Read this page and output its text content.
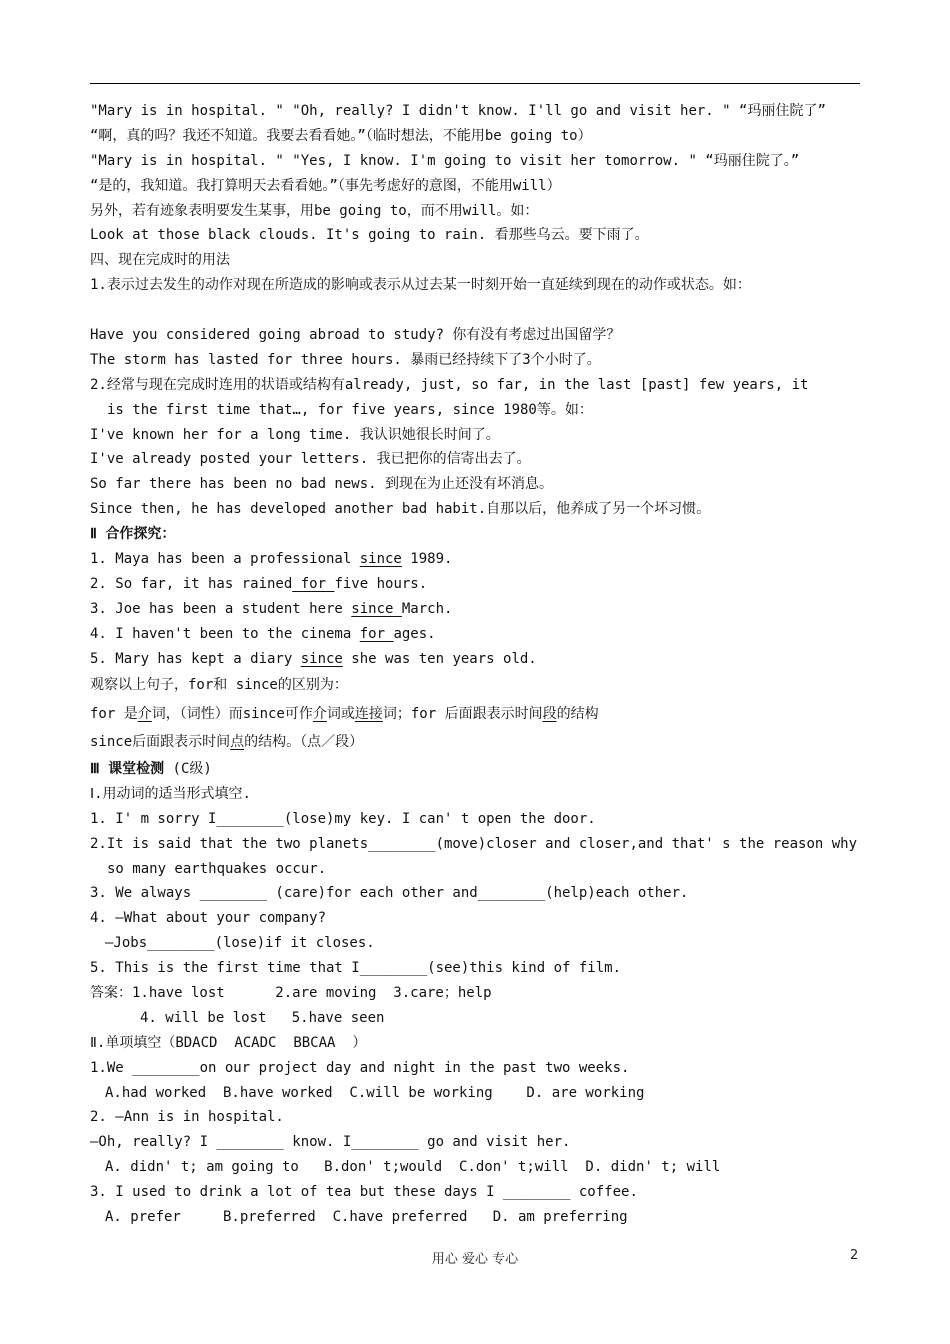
"Mary is in hospital. " "Oh, really? I didn't know. I'll go and visit her. " “玛丽住院了”
“啊，真的吗？我还不知道。我要去看看她。”（临时想法，不能用be going to）
"Mary is in hospital. " "Yes, I know. I'm going to visit her tomorrow. " “玛丽住院了。”
“是的，我知道。我打算明天去看看她。”（事先考虑好的意图，不能用will）
另外，若有迹象表明要发生某事，用be going to，而不用will。如：
Look at those black clouds. It's going to rain. 看那些乌云。要下雨了。
四、现在完成时的用法
1.表示过去发生的动作对现在所造成的影响或表示从过去某一时刻开始一直延续到现在的动作或状态。如：
Have you considered going abroad to study? 你有没有考虑过出国留学？
The storm has lasted for three hours. 暴雨已经持续下了3个小时了。
2.经常与现在完成时连用的状语或结构有already, just, so far, in the last [past] few years, it
is the first time that…, for five years, since 1980等。如：
I've known her for a long time. 我认识她很长时间了。
I've already posted your letters. 我已把你的信寄出去了。
So far there has been no bad news. 到现在为止还没有坏消息。
Since then, he has developed another bad habit.自那以后，他养成了另一个坏习惯。
Ⅱ 合作探究：
1. Maya has been a professional since 1989.
2. So far, it has rained for five hours.
3. Joe has been a student here since March.
4. I haven't been to the cinema for ages.
5. Mary has kept a diary since she was ten years old.
观察以上句子，for和 since的区别为：
for 是介词，（词性）而since可作介词或连接词；for 后面跟表示时间段的结构
since后面跟表示时间点的结构。（点／段）
Ⅲ 课堂检测 (C级)
Ⅰ.用动词的适当形式填空.
1. I' m sorry I________(lose)my key. I can' t open the door.
2.It is said that the two planets________(move)closer and closer,and that' s the reason why
so many earthquakes occur.
3. We always ________ (care)for each other and________(help)each other.
4. —What about your company?
—Jobs________(lose)if it closes.
5. This is the first time that I________(see)this kind of film.
答案：1.have lost      2.are moving  3.care；help
4. will be lost   5.have seen
Ⅱ.单项填空（BDACD  ACADC  BBCAA  ）
1.We ________on our project day and night in the past two weeks.
A.had worked  B.have worked  C.will be working    D. are working
2. —Ann is in hospital.
—Oh, really? I ________ know. I________ go and visit her.
A. didn' t; am going to   B.don' t;would  C.don' t;will  D. didn' t; will
3. I used to drink a lot of tea but these days I ________ coffee.
A. prefer     B.preferred  C.have preferred   D. am preferring
用心 爱心 专心	2
